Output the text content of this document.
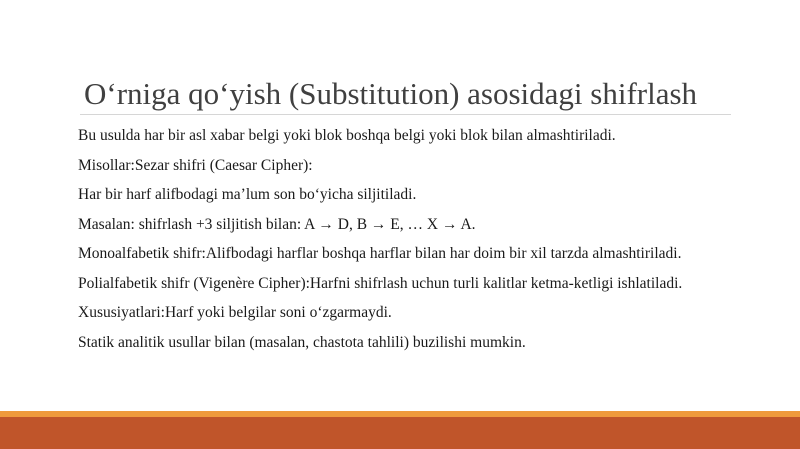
O‘rniga qo‘yish (Substitution) asosidagi shifrlash
Bu usulda har bir asl xabar belgi yoki blok boshqa belgi yoki blok bilan almashtiriladi.
Misollar:Sezar shifri (Caesar Cipher):
Har bir harf alifbodagi ma’lum son bo‘yicha siljitiladi.
Masalan: shifrlash +3 siljitish bilan: A → D, B → E, … X → A.
Monoalfabetik shifr:Alifbodagi harflar boshqa harflar bilan har doim bir xil tarzda almashtiriladi.
Polialfabetik shifr (Vigenère Cipher):Harfni shifrlash uchun turli kalitlar ketma-ketligi ishlatiladi.
Xususiyatlari:Harf yoki belgilar soni o‘zgarmaydi.
Statik analitik usullar bilan (masalan, chastota tahlili) buzilishi mumkin.
